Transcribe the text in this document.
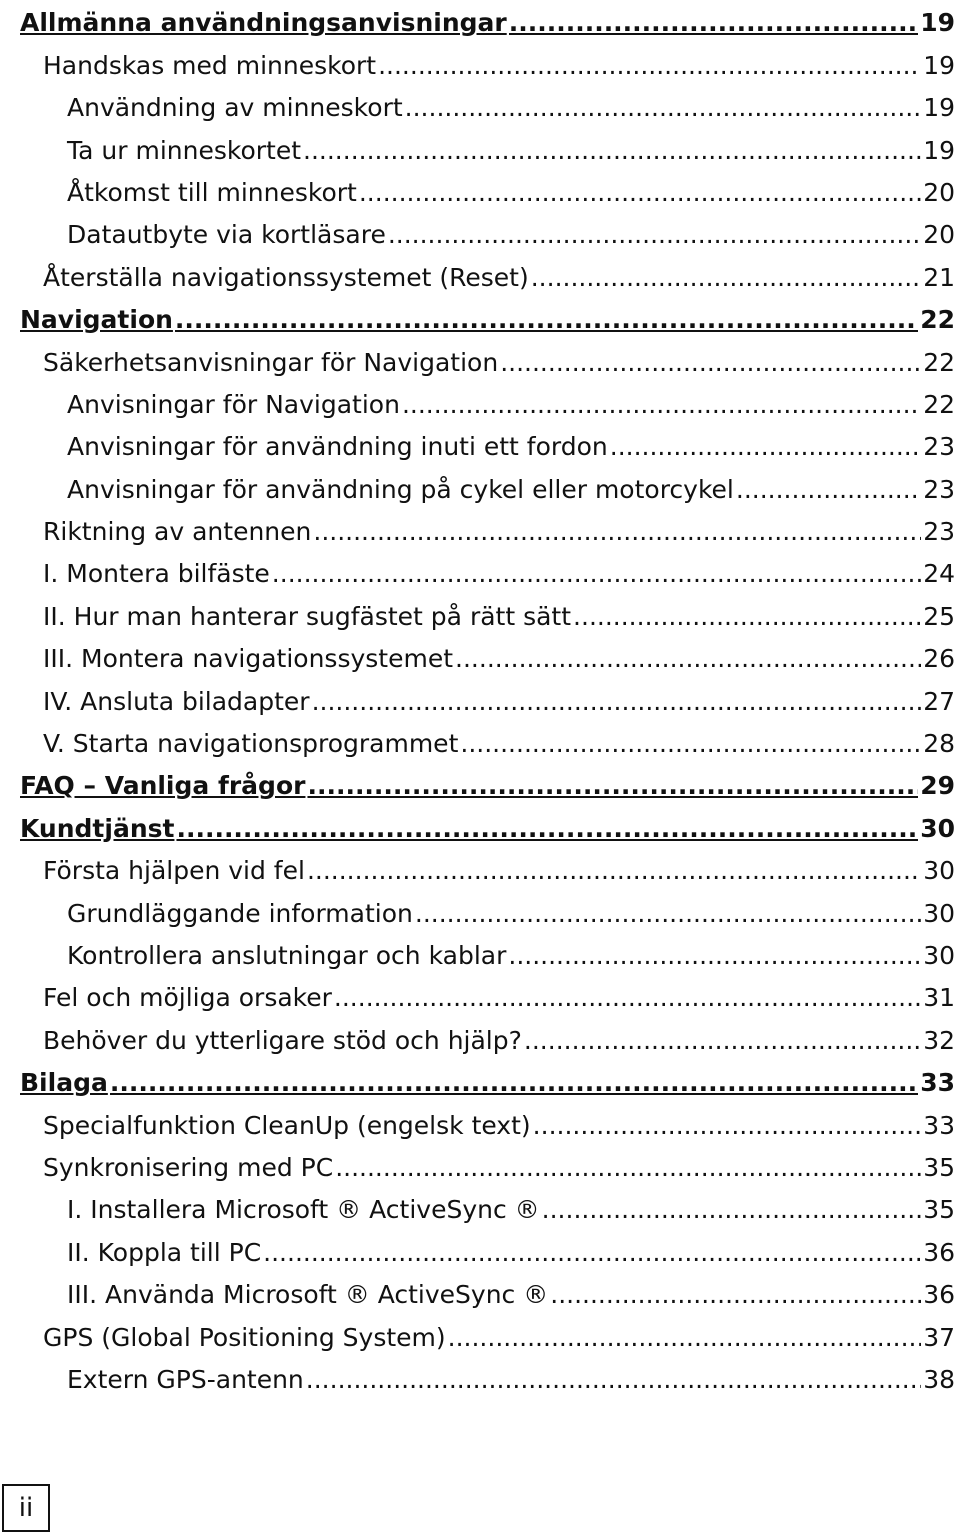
Allmänna användningsanvisningar .....	19
Handskas med minneskort .....	19
Användning av minneskort .....	19
Ta ur minneskortet .....	19
Åtkomst till minneskort .....	20
Datautbyte via kortläsare .....	20
Återställa navigationssystemet (Reset) .....	21
Navigation .....	22
Säkerhetsanvisningar för Navigation .....	22
Anvisningar för Navigation .....	22
Anvisningar för användning inuti ett fordon .....	23
Anvisningar för användning på cykel eller motorcykel .....	23
Riktning av antennen .....	23
I. Montera bilfäste .....	24
II. Hur man hanterar sugfästet på rätt sätt .....	25
III. Montera navigationssystemet .....	26
IV. Ansluta biladapter .....	27
V. Starta navigationsprogrammet .....	28
FAQ – Vanliga frågor .....	29
Kundtjänst .....	30
Första hjälpen vid fel .....	30
Grundläggande information .....	30
Kontrollera anslutningar och kablar .....	30
Fel och möjliga orsaker .....	31
Behöver du ytterligare stöd och hjälp? .....	32
Bilaga .....	33
Specialfunktion CleanUp (engelsk text) .....	33
Synkronisering med PC .....	35
I. Installera Microsoft ® ActiveSync ® .....	35
II. Koppla till PC .....	36
III. Använda Microsoft ® ActiveSync ® .....	36
GPS (Global Positioning System) .....	37
Extern GPS-antenn .....	38
ii
